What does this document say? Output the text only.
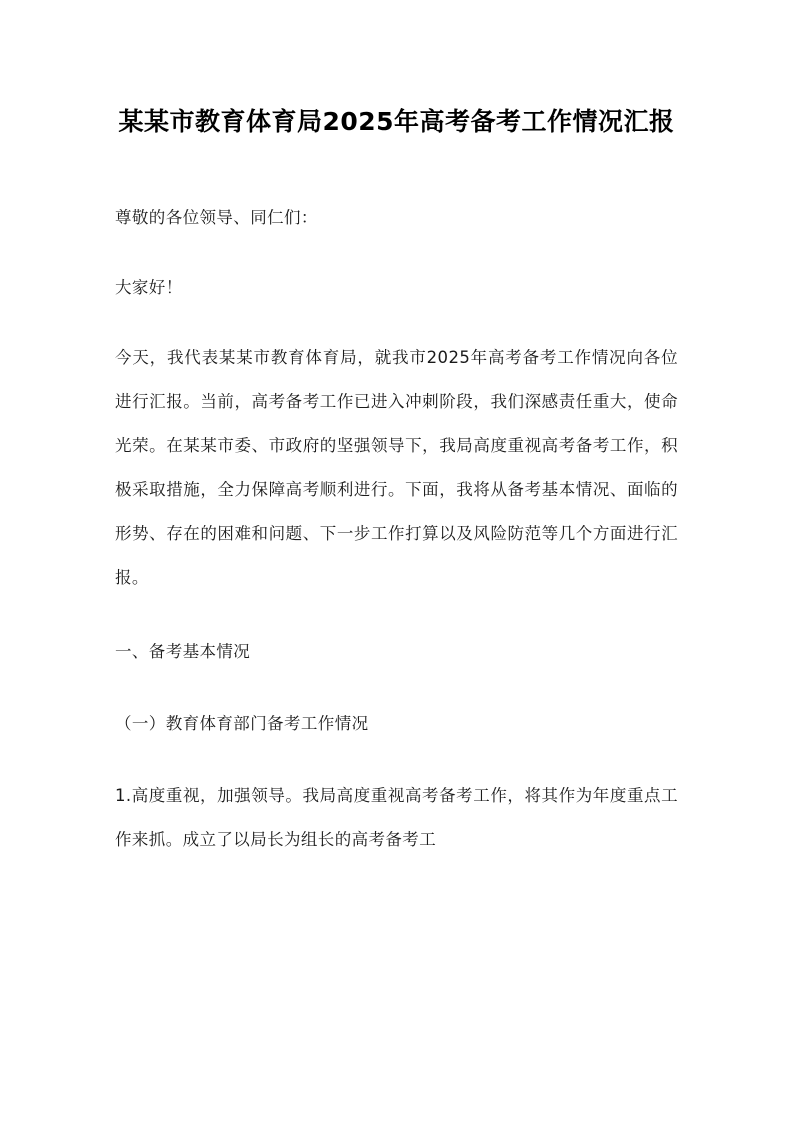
某某市教育体育局2025年高考备考工作情况汇报

尊敬的各位领导、同仁们：

大家好！

今天，我代表某某市教育体育局，就我市2025年高考备考工作情况向各位进行汇报。当前，高考备考工作已进入冲刺阶段，我们深感责任重大，使命光荣。在某某市委、市政府的坚强领导下，我局高度重视高考备考工作，积极采取措施，全力保障高考顺利进行。下面，我将从备考基本情况、面临的形势、存在的困难和问题、下一步工作打算以及风险防范等几个方面进行汇报。

一、备考基本情况

（一）教育体育部门备考工作情况

1.高度重视，加强领导。我局高度重视高考备考工作，将其作为年度重点工作来抓。成立了以局长为组长的高考备考工
